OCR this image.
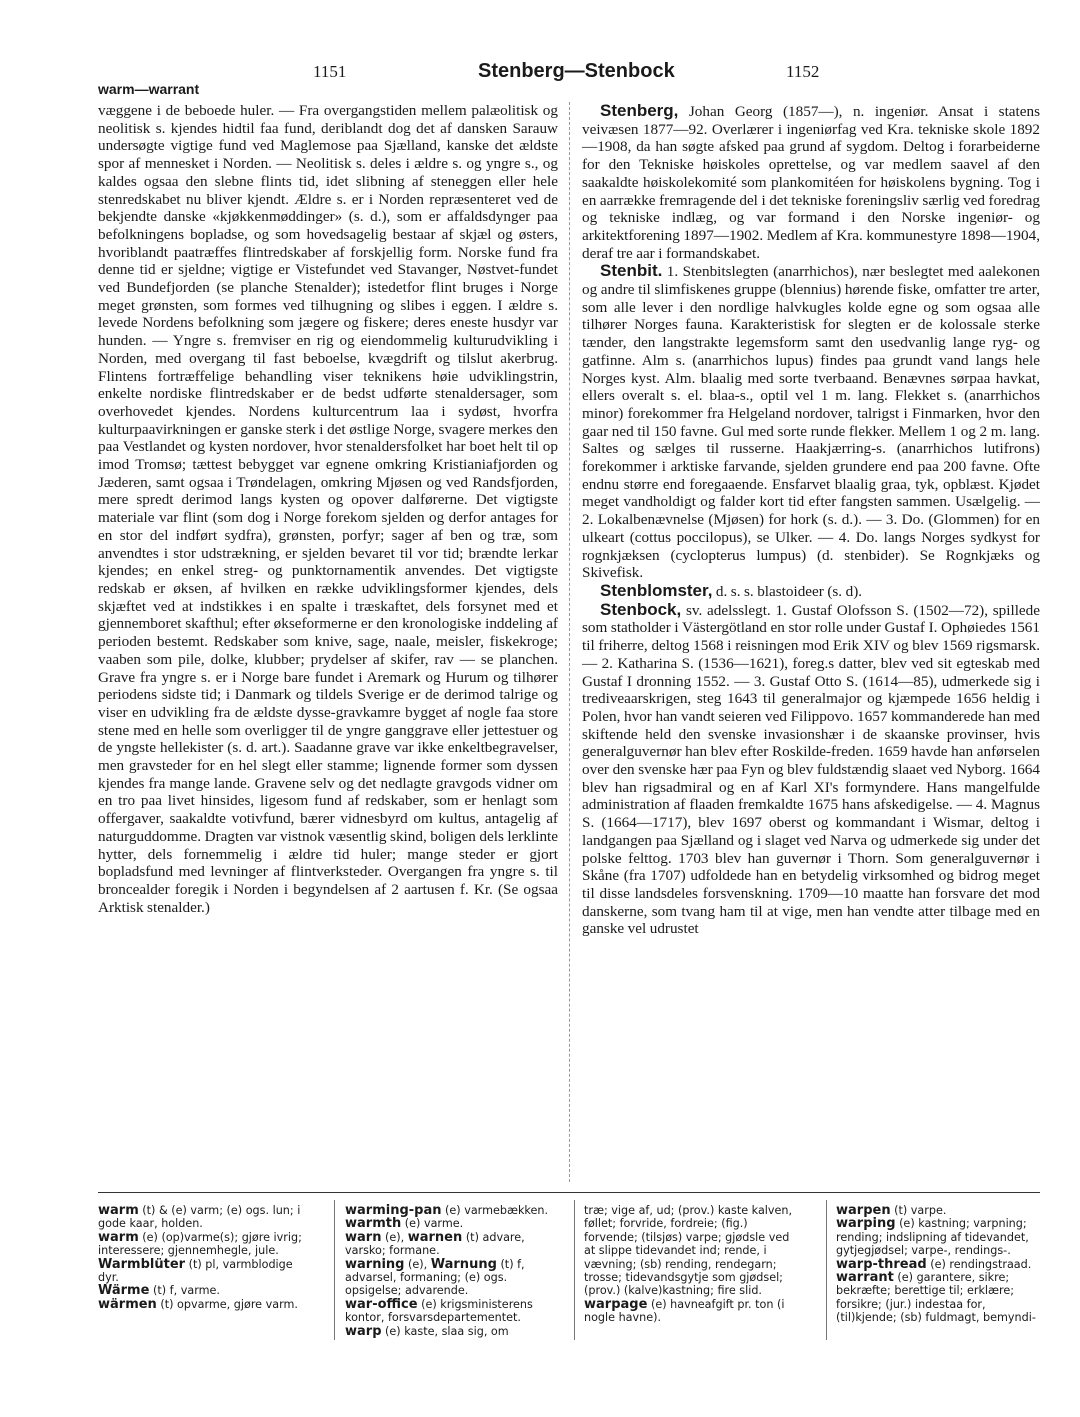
1151	Stenberg—Stenbock	1152
warm—warrant

væggene i de beboede huler. — Fra overgangstiden mellem palæolitisk og neolitisk s. kjendes hidtil faa fund, deriblandt dog det af dansken Sarauw undersøgte vigtige fund ved Maglemose paa Sjælland, kanske det ældste spor af mennesket i Norden. — Neolitisk s. deles i ældre s. og yngre s., og kaldes ogsaa den slebne flints tid, idet slibning af steneggen eller hele stenredskabet nu bliver kjendt. Ældre s. er i Norden repræsenteret ved de bekjendte danske «kjøkkenmøddinger» (s. d.), som er affaldsdynger paa befolkningens bopladse, og som hovedsagelig bestaar af skjæl og østers, hvoriblandt paatræffes flintredskaber af forskjellig form. Norske fund fra denne tid er sjeldne; vigtige er Vistefundet ved Stavanger, Nøstvet-fundet ved Bundefjorden (se planche Stenalder); istedetfor flint bruges i Norge meget grønsten, som formes ved tilhugning og slibes i eggen. I ældre s. levede Nordens befolkning som jægere og fiskere; deres eneste husdyr var hunden. — Yngre s. fremviser en rig og eiendommelig kulturudvikling i Norden, med overgang til fast beboelse, kvægdrift og tilslut akerbrug. Flintens fortræffelige behandling viser teknikens høie udviklingstrin, enkelte nordiske flintredskaber er de bedst udførte stenaldersager, som overhovedet kjendes. Nordens kulturcentrum laa i sydøst, hvorfra kulturpaavirkningen er ganske sterk i det østlige Norge, svagere merkes den paa Vestlandet og kysten nordover, hvor stenaldersfolket har boet helt til op imod Tromsø; tættest bebygget var egnene omkring Kristianiafjorden og Jæderen, samt ogsaa i Trøndelagen, omkring Mjøsen og ved Randsfjorden, mere spredt derimod langs kysten og opover dalførerne. Det vigtigste materiale var flint (som dog i Norge forekom sjelden og derfor antages for en stor del indført sydfra), grønsten, porfyr; sager af ben og træ, som anvendtes i stor udstrækning, er sjelden bevaret til vor tid; brændte lerkar kjendes; en enkel streg- og punktornamentik anvendes. Det vigtigste redskab er øksen, af hvilken en række udviklingsformer kjendes, dels skjæftet ved at indstikkes i en spalte i træskaftet, dels forsynet med et gjennemboret skafthul; efter økseformerne er den kronologiske inddeling af perioden bestemt. Redskaber som knive, sage, naale, meisler, fiskekroge; vaaben som pile, dolke, klubber; prydelser af skifer, rav — se planchen. Grave fra yngre s. er i Norge bare fundet i Aremark og Hurum og tilhører periodens sidste tid; i Danmark og tildels Sverige er de derimod talrige og viser en udvikling fra de ældste dysse-gravkamre bygget af nogle faa store stene med en helle som overligger til de yngre ganggrave eller jettestuer og de yngste hellekister (s. d. art.). Saadanne grave var ikke enkeltbegravelser, men gravsteder for en hel slegt eller stamme; lignende former som dyssen kjendes fra mange lande. Gravene selv og det nedlagte gravgods vidner om en tro paa livet hinsides, ligesom fund af redskaber, som er henlagt som offergaver, saakaldte votivfund, bærer vidnesbyrd om kultus, antagelig af naturguddomme. Dragten var vistnok væsentlig skind, boligen dels lerklinte hytter, dels fornemmelig i ældre tid huler; mange steder er gjort bopladsfund med levninger af flintverksteder. Overgangen fra yngre s. til broncealder foregik i Norden i begyndelsen af 2 aartusen f. Kr. (Se ogsaa Arktisk stenalder.)

Stenberg, Johan Georg (1857—), n. ingeniør. Ansat i statens veivæsen 1877—92. Overlærer i ingeniørfag ved Kra. tekniske skole 1892—1908, da han søgte afsked paa grund af sygdom. Deltog i forarbeiderne for den Tekniske høiskoles oprettelse, og var medlem saavel af den saakaldte høiskolekomité som plankomitéen for høiskolens bygning. Tog i en aarrække fremragende del i det tekniske foreningsliv særlig ved foredrag og tekniske indlæg, og var formand i den Norske ingeniør- og arkitektforening 1897—1902. Medlem af Kra. kommunestyre 1898—1904, deraf tre aar i formandskabet.

Stenbit. 1. Stenbitslegten (anarrhichos), nær beslegtet med aalekonen og andre til slimfiskenes gruppe (blennius) hørende fiske, omfatter tre arter, som alle lever i den nordlige halvkugles kolde egne og som ogsaa alle tilhører Norges fauna. Karakteristisk for slegten er de kolossale sterke tænder, den langstrakte legemsform samt den usedvanlig lange ryg- og gatfinne. Alm s. (anarrhichos lupus) findes paa grundt vand langs hele Norges kyst. Alm. blaalig med sorte tverbaand. Benævnes sørpaa havkat, ellers overalt s. el. blaa-s., optil vel 1 m. lang. Flekket s. (anarrhichos minor) forekommer fra Helgeland nordover, talrigst i Finmarken, hvor den gaar ned til 150 favne. Gul med sorte runde flekker. Mellem 1 og 2 m. lang. Saltes og sælges til russerne. Haakjærring-s. (anarrhichos lutifrons) forekommer i arktiske farvande, sjelden grundere end paa 200 favne. Ofte endnu større end foregaaende. Ensfarvet blaalig graa, tyk, opblæst. Kjødet meget vandholdigt og falder kort tid efter fangsten sammen. Usælgelig. — 2. Lokalbenævnelse (Mjøsen) for hork (s. d.). — 3. Do. (Glommen) for en ulkeart (cottus poccilopus), se Ulker. — 4. Do. langs Norges sydkyst for rognkjæksen (cyclopterus lumpus) (d. stenbider). Se Rognkjæks og Skivefisk.

Stenblomster, d. s. s. blastoideer (s. d).

Stenbock, sv. adelsslegt. 1. Gustaf Olofsson S. (1502—72), spillede som statholder i Västergötland en stor rolle under Gustaf I. Ophøiedes 1561 til friherre, deltog 1568 i reisningen mod Erik XIV og blev 1569 rigsmarsk. — 2. Katharina S. (1536—1621), foreg.s datter, blev ved sit egteskab med Gustaf I dronning 1552. — 3. Gustaf Otto S. (1614—85), udmerkede sig i trediveaarskrigen, steg 1643 til generalmajor og kjæmpede 1656 heldig i Polen, hvor han vandt seieren ved Filippovo. 1657 kommanderede han med skiftende held den svenske invasionshær i de skaanske provinser, hvis generalguvernør han blev efter Roskilde-freden. 1659 havde han anførselen over den svenske hær paa Fyn og blev fuldstændig slaaet ved Nyborg. 1664 blev han rigsadmiral og en af Karl XI's formyndere. Hans mangelfulde administration af flaaden fremkaldte 1675 hans afskedigelse. — 4. Magnus S. (1664—1717), blev 1697 oberst og kommandant i Wismar, deltog i landgangen paa Sjælland og i slaget ved Narva og udmerkede sig under det polske felttog. 1703 blev han guvernør i Thorn. Som generalguvernør i Skåne (fra 1707) udfoldede han en betydelig virksomhed og bidrog meget til disse landsdeles forsvenskning. 1709—10 maatte han forsvare det mod danskerne, som tvang ham til at vige, men han vendte atter tilbage med en ganske vel udrustet

warm (t) & (e) varm; (e) ogs. lun; i gode kaar, holden.

warm (e) (op)varme(s); gjøre ivrig; interessere; gjennemhegle, jule.

Warmblüter (t) pl, varmblodige dyr.

Wärme (t) f, varme.

wärmen (t) opvarme, gjøre varm.

warming-pan (e) varmebækken.

warmth (e) varme.

warn (e), warnen (t) advare, varsko; formane.

warning (e), Warnung (t) f, advarsel, formaning; (e) ogs. opsigelse; advarende.

war-office (e) krigsministerens kontor, forsvarsdepartementet.

warp (e) kaste, slaa sig, om

træ; vige af, ud; (prov.) kaste kalven, føllet; forvride, fordreie; (fig.) forvende; (tilsjøs) varpe; gjødsle ved at slippe tidevandet ind; rende, i vævning; (sb) rending, rendegarn; trosse; tidevandsgytje som gjødsel; (prov.) (kalve)kastning; fire slid.

warpage (e) havneafgift pr. ton (i nogle havne).

warpen (t) varpe.

warping (e) kastning; varpning; rending; indslipning af tidevandet, gytjegjødsel; varpe-, rendings-.

warp-thread (e) rendingstraad.

warrant (e) garantere, sikre; bekræfte; berettige til; erklære; forsikre; (jur.) indestaa for, (til)kjende; (sb) fuldmagt, bemyndi-
